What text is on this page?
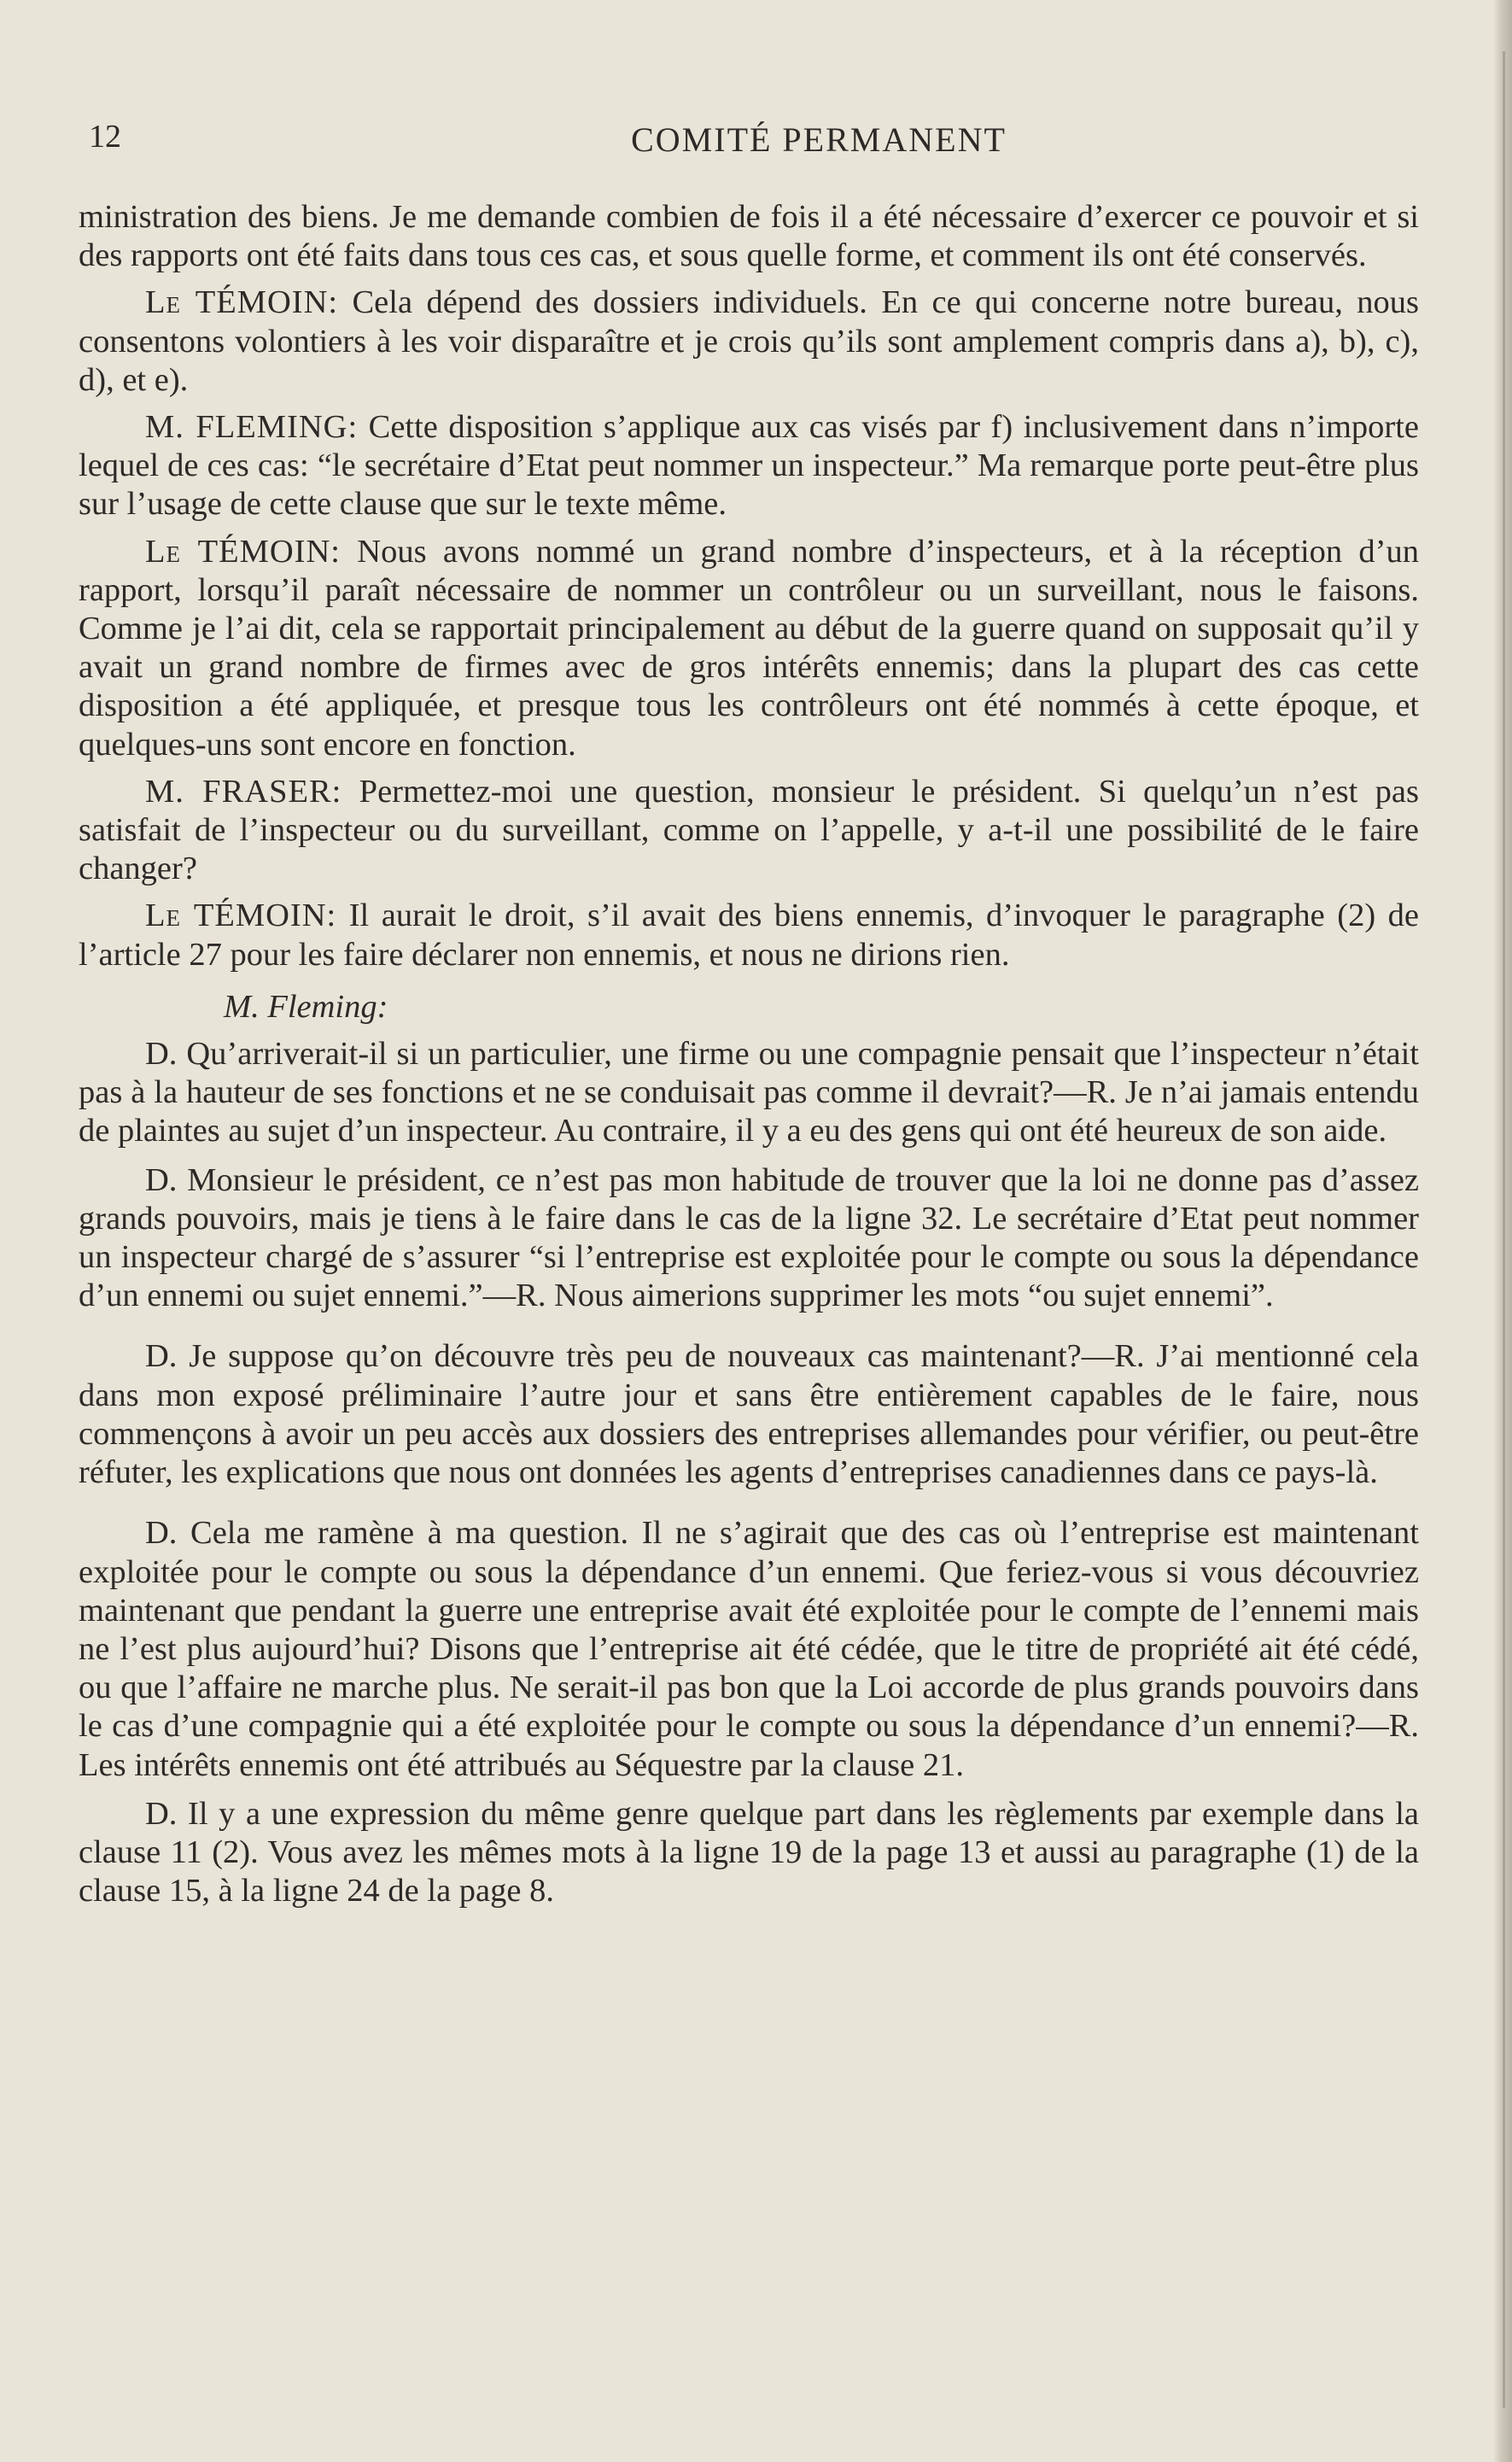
12	COMITÉ PERMANENT

ministration des biens. Je me demande combien de fois il a été nécessaire d’exercer ce pouvoir et si des rapports ont été faits dans tous ces cas, et sous quelle forme, et comment ils ont été conservés.

Le TÉMOIN: Cela dépend des dossiers individuels. En ce qui concerne notre bureau, nous consentons volontiers à les voir disparaître et je crois qu’ils sont amplement compris dans a), b), c), d), et e).

M. FLEMING: Cette disposition s’applique aux cas visés par f) inclusivement dans n’importe lequel de ces cas: “le secrétaire d’Etat peut nommer un inspecteur.” Ma remarque porte peut-être plus sur l’usage de cette clause que sur le texte même.

Le TÉMOIN: Nous avons nommé un grand nombre d’inspecteurs, et à la réception d’un rapport, lorsqu’il paraît nécessaire de nommer un contrôleur ou un surveillant, nous le faisons. Comme je l’ai dit, cela se rapportait principalement au début de la guerre quand on supposait qu’il y avait un grand nombre de firmes avec de gros intérêts ennemis; dans la plupart des cas cette disposition a été appliquée, et presque tous les contrôleurs ont été nommés à cette époque, et quelques-uns sont encore en fonction.

M. FRASER: Permettez-moi une question, monsieur le président. Si quelqu’un n’est pas satisfait de l’inspecteur ou du surveillant, comme on l’appelle, y a-t-il une possibilité de le faire changer?

Le TÉMOIN: Il aurait le droit, s’il avait des biens ennemis, d’invoquer le paragraphe (2) de l’article 27 pour les faire déclarer non ennemis, et nous ne dirions rien.

M. Fleming:

D. Qu’arriverait-il si un particulier, une firme ou une compagnie pensait que l’inspecteur n’était pas à la hauteur de ses fonctions et ne se conduisait pas comme il devrait?—R. Je n’ai jamais entendu de plaintes au sujet d’un inspecteur. Au contraire, il y a eu des gens qui ont été heureux de son aide.

D. Monsieur le président, ce n’est pas mon habitude de trouver que la loi ne donne pas d’assez grands pouvoirs, mais je tiens à le faire dans le cas de la ligne 32. Le secrétaire d’Etat peut nommer un inspecteur chargé de s’assurer “si l’entreprise est exploitée pour le compte ou sous la dépendance d’un ennemi ou sujet ennemi.”—R. Nous aimerions supprimer les mots “ou sujet ennemi”.

D. Je suppose qu’on découvre très peu de nouveaux cas maintenant?—R. J’ai mentionné cela dans mon exposé préliminaire l’autre jour et sans être entièrement capables de le faire, nous commençons à avoir un peu accès aux dossiers des entreprises allemandes pour vérifier, ou peut-être réfuter, les explications que nous ont données les agents d’entreprises canadiennes dans ce pays-là.

D. Cela me ramène à ma question. Il ne s’agirait que des cas où l’entreprise est maintenant exploitée pour le compte ou sous la dépendance d’un ennemi. Que feriez-vous si vous découvriez maintenant que pendant la guerre une entreprise avait été exploitée pour le compte de l’ennemi mais ne l’est plus aujourd’hui? Disons que l’entreprise ait été cédée, que le titre de propriété ait été cédé, ou que l’affaire ne marche plus. Ne serait-il pas bon que la Loi accorde de plus grands pouvoirs dans le cas d’une compagnie qui a été exploitée pour le compte ou sous la dépendance d’un ennemi?—R. Les intérêts ennemis ont été attribués au Séquestre par la clause 21.

D. Il y a une expression du même genre quelque part dans les règlements par exemple dans la clause 11 (2). Vous avez les mêmes mots à la ligne 19 de la page 13 et aussi au paragraphe (1) de la clause 15, à la ligne 24 de la page 8.
